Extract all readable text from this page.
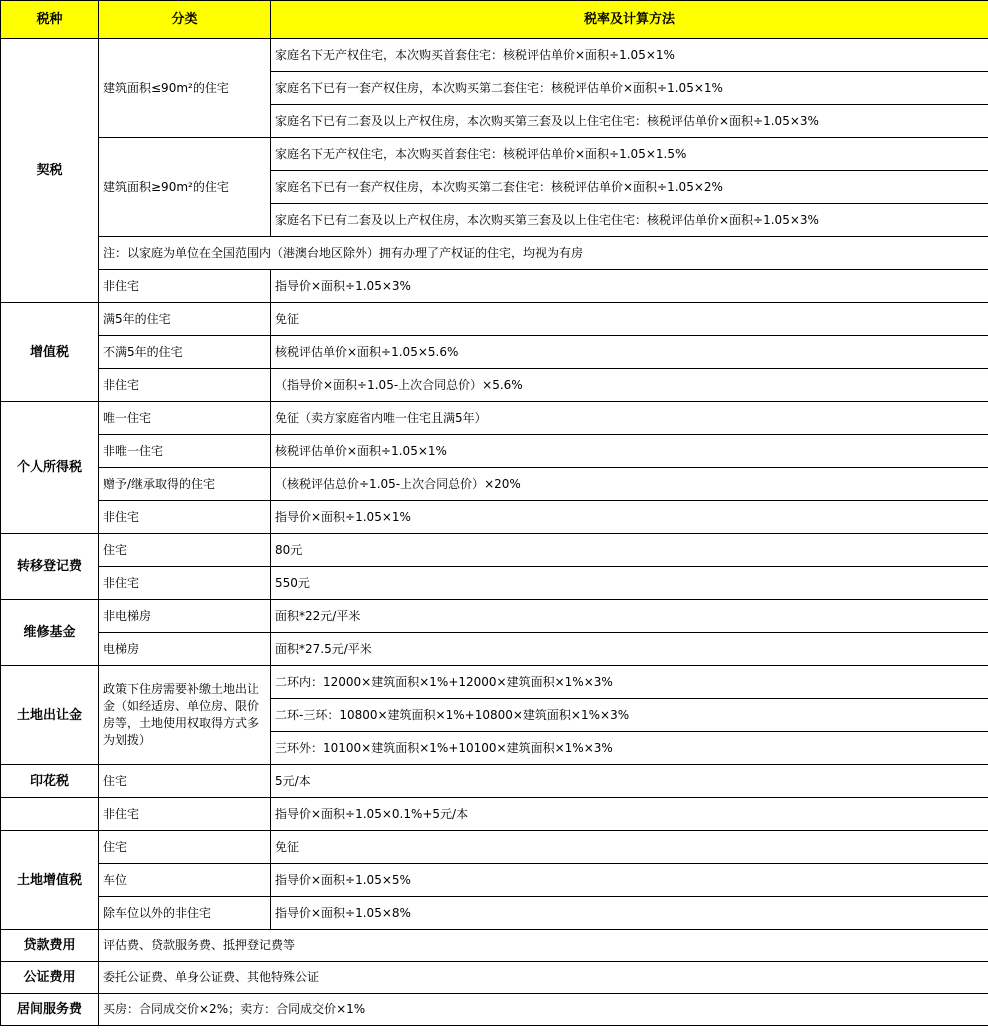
税种	分类	税率及计算方法
契税	建筑面积≤90m²的住宅	家庭名下无产权住宅，本次购买首套住宅：核税评估单价×面积÷1.05×1%
		家庭名下已有一套产权住房，本次购买第二套住宅：核税评估单价×面积÷1.05×1%
		家庭名下已有二套及以上产权住房，本次购买第三套及以上住宅住宅：核税评估单价×面积÷1.05×3%
	建筑面积≥90m²的住宅	家庭名下无产权住宅，本次购买首套住宅：核税评估单价×面积÷1.05×1.5%
		家庭名下已有一套产权住房，本次购买第二套住宅：核税评估单价×面积÷1.05×2%
		家庭名下已有二套及以上产权住房，本次购买第三套及以上住宅住宅：核税评估单价×面积÷1.05×3%
	注：以家庭为单位在全国范围内（港澳台地区除外）拥有办理了产权证的住宅，均视为有房	
	非住宅	指导价×面积÷1.05×3%
增值税	满5年的住宅	免征
	不满5年的住宅	核税评估单价×面积÷1.05×5.6%
	非住宅	（指导价×面积÷1.05-上次合同总价）×5.6%
个人所得税	唯一住宅	免征（卖方家庭省内唯一住宅且满5年）
	非唯一住宅	核税评估单价×面积÷1.05×1%
	赠予/继承取得的住宅	（核税评估总价÷1.05-上次合同总价）×20%
	非住宅	指导价×面积÷1.05×1%
转移登记费	住宅	80元
	非住宅	550元
维修基金	非电梯房	面积*22元/平米
	电梯房	面积*27.5元/平米
土地出让金	政策下住房需要补缴土地出让金（如经适房、单位房、限价房等，土地使用权取得方式多为划拨）	二环内：12000×建筑面积×1%+12000×建筑面积×1%×3%
		二环-三环：10800×建筑面积×1%+10800×建筑面积×1%×3%
		三环外：10100×建筑面积×1%+10100×建筑面积×1%×3%
印花税	住宅	5元/本
	非住宅	指导价×面积÷1.05×0.1%+5元/本
土地增值税	住宅	免征
	车位	指导价×面积÷1.05×5%
	除车位以外的非住宅	指导价×面积÷1.05×8%
贷款费用	评估费、贷款服务费、抵押登记费等	
公证费用	委托公证费、单身公证费、其他特殊公证	
居间服务费	买房：合同成交价×2%；卖方：合同成交价×1%	
